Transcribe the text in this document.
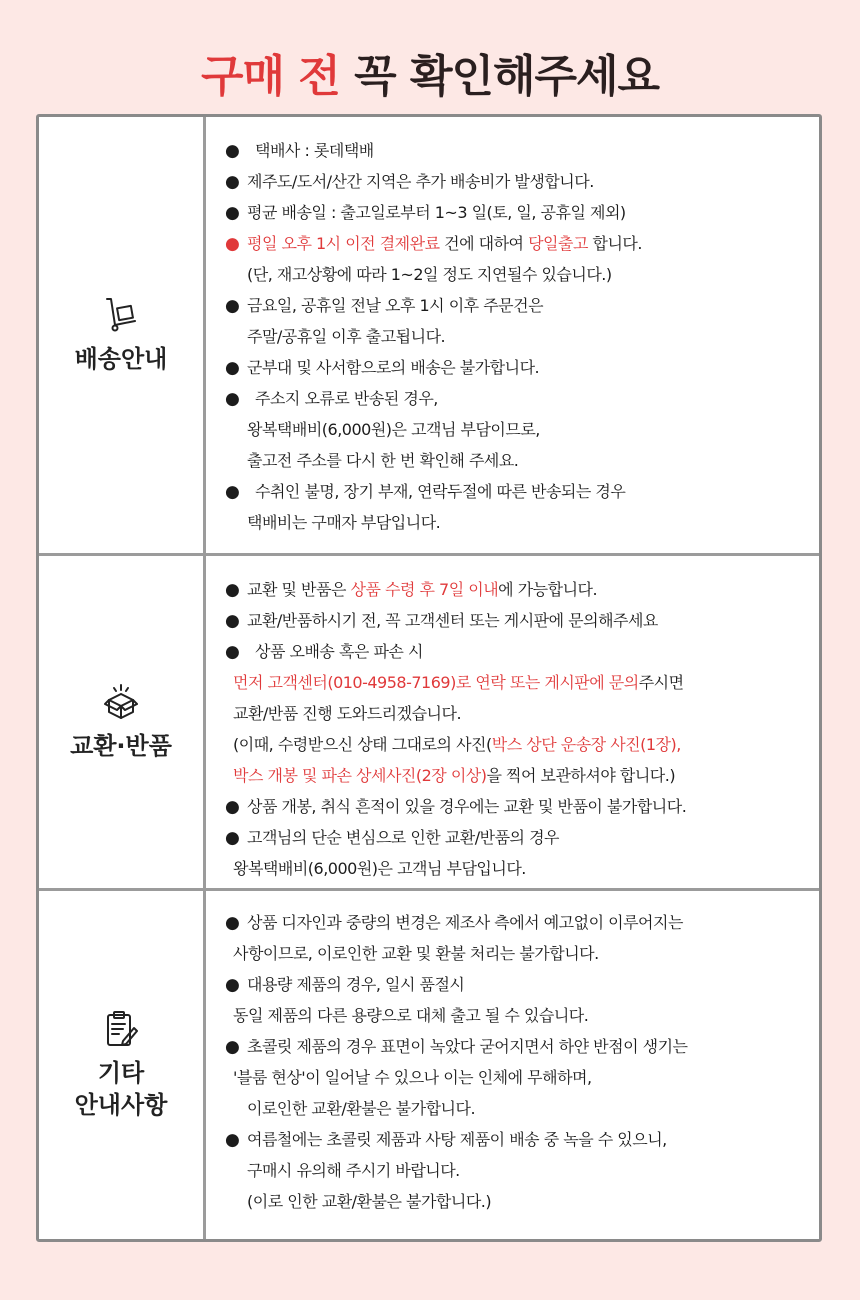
구매 전 꼭 확인해주세요
배송안내
● 택배사 : 롯데택배
● 제주도/도서/산간 지역은 추가 배송비가 발생합니다.
● 평균 배송일 : 출고일로부터 1~3 일(토, 일, 공휴일 제외)
● 평일 오후 1시 이전 결제완료 건에 대하여 당일출고 합니다.
(단, 재고상황에 따라 1~2일 정도 지연될수 있습니다.)
● 금요일, 공휴일 전날 오후 1시 이후 주문건은
주말/공휴일 이후 출고됩니다.
● 군부대 및 사서함으로의 배송은 불가합니다.
● 주소지 오류로 반송된 경우,
왕복택배비(6,000원)은 고객님 부담이므로,
출고전 주소를 다시 한 번 확인해 주세요.
● 수취인 불명, 장기 부재, 연락두절에 따른 반송되는 경우
택배비는 구매자 부담입니다.
교환·반품
● 교환 및 반품은 상품 수령 후 7일 이내에 가능합니다.
● 교환/반품하시기 전, 꼭 고객센터 또는 게시판에 문의해주세요
● 상품 오배송 혹은 파손 시
먼저 고객센터(010-4958-7169)로 연락 또는 게시판에 문의주시면
교환/반품 진행 도와드리겠습니다.
(이때, 수령받으신 상태 그대로의 사진(박스 상단 운송장 사진(1장),
박스 개봉 및 파손 상세사진(2장 이상)을 찍어 보관하셔야 합니다.)
● 상품 개봉, 취식 흔적이 있을 경우에는 교환 및 반품이 불가합니다.
● 고객님의 단순 변심으로 인한 교환/반품의 경우
왕복택배비(6,000원)은 고객님 부담입니다.
기타
안내사항
● 상품 디자인과 중량의 변경은 제조사 측에서 예고없이 이루어지는
사항이므로, 이로인한 교환 및 환불 처리는 불가합니다.
● 대용량 제품의 경우, 일시 품절시
동일 제품의 다른 용량으로 대체 출고 될 수 있습니다.
● 초콜릿 제품의 경우 표면이 녹았다 굳어지면서 하얀 반점이 생기는
'블룸 현상'이 일어날 수 있으나 이는 인체에 무해하며,
이로인한 교환/환불은 불가합니다.
● 여름철에는 초콜릿 제품과 사탕 제품이 배송 중 녹을 수 있으니,
구매시 유의해 주시기 바랍니다.
(이로 인한 교환/환불은 불가합니다.)
